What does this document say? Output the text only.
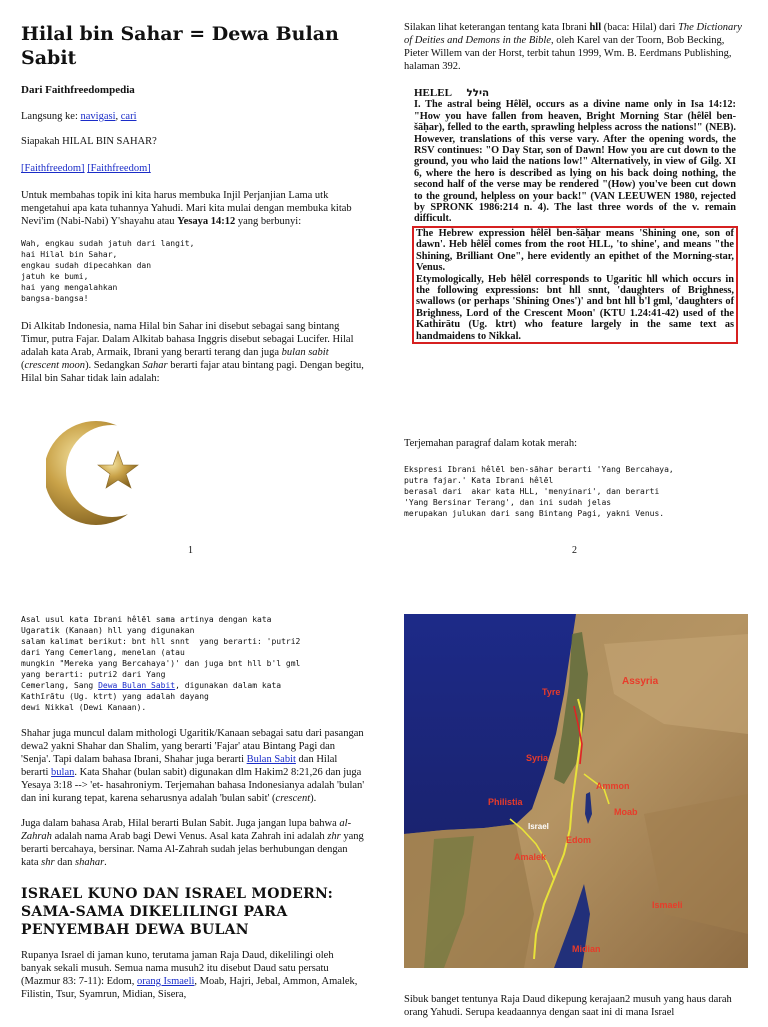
Hilal bin Sahar = Dewa Bulan Sabit
Dari Faithfreedompedia

Langsung ke: navigasi, cari

Siapakah HILAL BIN SAHAR?

[Faithfreedom] [Faithfreedom]

Untuk membahas topik ini kita harus membuka Injil Perjanjian Lama utk mengetahui apa kata tuhannya Yahudi. Mari kita mulai dengan membuka kitab Nevi'im (Nabi-Nabi) Y'shayahu atau Yesaya 14:12 yang berbunyi:

Wah, engkau sudah jatuh dari langit,
hai Hilal bin Sahar,
engkau sudah dipecahkan dan
jatuh ke bumi,
hai yang mengalahkan
bangsa-bangsa!

Di Alkitab Indonesia, nama Hilal bin Sahar ini disebut sebagai sang bintang Timur, putra Fajar. Dalam Alkitab bahasa Inggris disebut sebagai Lucifer. Hilal adalah kata Arab, Armaik, Ibrani yang berarti terang dan juga bulan sabit (crescent moon). Sedangkan Sahar berarti fajar atau bintang pagi. Dengan begitu, Hilal bin Sahar tidak lain adalah:

1

Silakan lihat keterangan tentang kata Ibrani hll (baca: Hilal) dari The Dictionary of Deities and Demons in the Bible, oleh Karel van der Toorn, Bob Becking, Pieter Willem van der Horst, terbit tahun 1999, Wm. B. Eerdmans Publishing, halaman 392.

HELEL הילל
I. The astral being Hêlēl, occurs as a divine name only in Isa 14:12: "How you have fallen from heaven, Bright Morning Star (hêlēl ben-šāḥar), felled to the earth, sprawling helpless across the nations!" (NEB). However, translations of this verse vary. After the opening words, the RSV continues: "O Day Star, son of Dawn! How you are cut down to the ground, you who laid the nations low!" Alternatively, in view of Gilg. XI 6, where the hero is described as lying on his back doing nothing, the second half of the verse may be rendered "(How) you've been cut down to the ground, helpless on your back!" (VAN LEEUWEN 1980, rejected by SPRONK 1986:214 n. 4). The last three words of the v. remain difficult.
The Hebrew expression hêlēl ben-šāḥar means 'Shining one, son of dawn'. Heb hêlēl comes from the root HLL, 'to shine', and means "the Shining, Brilliant One", here evidently an epithet of the Morning-star, Venus.
Etymologically, Heb hêlēl corresponds to Ugaritic hll which occurs in the following expressions: bnt hll snnt, 'daughters of Brighness, swallows (or perhaps 'Shining Ones')' and bnt hll b'l gml, 'daughters of Brighness, Lord of the Crescent Moon' (KTU 1.24:41-42) used of the Kathirātu (Ug. ktrt) who feature largely in the same text as handmaidens to Nikkal.

Terjemahan paragraf dalam kotak merah:

Ekspresi Ibrani hêlēl ben-sāhar berarti 'Yang Bercahaya,
putra fajar.' Kata Ibrani hêlēl
berasal dari  akar kata HLL, 'menyinari', dan berarti
'Yang Bersinar Terang', dan ini sudah jelas
merupakan julukan dari sang Bintang Pagi, yakni Venus.
2
Asal usul kata Ibrani hêlēl sama artinya dengan kata
Ugaratik (Kanaan) hll yang digunakan
salam kalimat berikut: bnt hll snnt  yang berarti: 'putri2
dari Yang Cemerlang, menelan (atau
mungkin "Mereka yang Bercahaya')' dan juga bnt hll b'l gml
yang berarti: putri2 dari Yang
Cemerlang, Sang Dewa Bulan Sabit, digunakan dalam kata
Kathīrātu (Ug. ktrt) yang adalah dayang
dewi Nikkal (Dewi Kanaan).

Shahar juga muncul dalam mithologi Ugaritik/Kanaan sebagai satu dari pasangan dewa2 yakni Shahar dan Shalim, yang berarti 'Fajar' atau Bintang Pagi dan 'Senja'. Tapi dalam bahasa Ibrani, Shahar juga berarti Bulan Sabit dan Hilal berarti bulan. Kata Shahar (bulan sabit) digunakan dlm Hakim2 8:21,26 dan juga Yesaya 3:18 --> 'et- hasahroniym. Terjemahan bahasa Indonesianya adalah 'bulan' dan ini kurang tepat, karena seharusnya adalah 'bulan sabit' (crescent).

Juga dalam bahasa Arab, Hilal berarti Bulan Sabit. Juga jangan lupa bahwa al-Zahrah adalah nama Arab bagi Dewi Venus. Asal kata Zahrah ini adalah zhr yang berarti bercahaya, bersinar. Nama Al-Zahrah sudah jelas berhubungan dengan kata shr dan shahar.

ISRAEL KUNO DAN ISRAEL MODERN: SAMA-SAMA DIKELILINGI PARA PENYEMBAH DEWA BULAN

Rupanya Israel di jaman kuno, terutama jaman Raja Daud, dikelilingi oleh banyak sekali musuh. Semua nama musuh2 itu disebut Daud satu persatu (Mazmur 83: 7-11): Edom, orang Ismaeli, Moab, Hajri, Jebal, Ammon, Amalek, Filistin, Tsur, Syamrun, Midian, Sisera,

Assyria
Tyre
Syria
Ammon
Moab
Philistia
Israel
Edom
Amalek
Ismaeli
Midian

Sibuk banget tentunya Raja Daud dikepung kerajaan2 musuh yang haus darah orang Yahudi. Serupa keadaannya dengan saat ini di mana Israel
